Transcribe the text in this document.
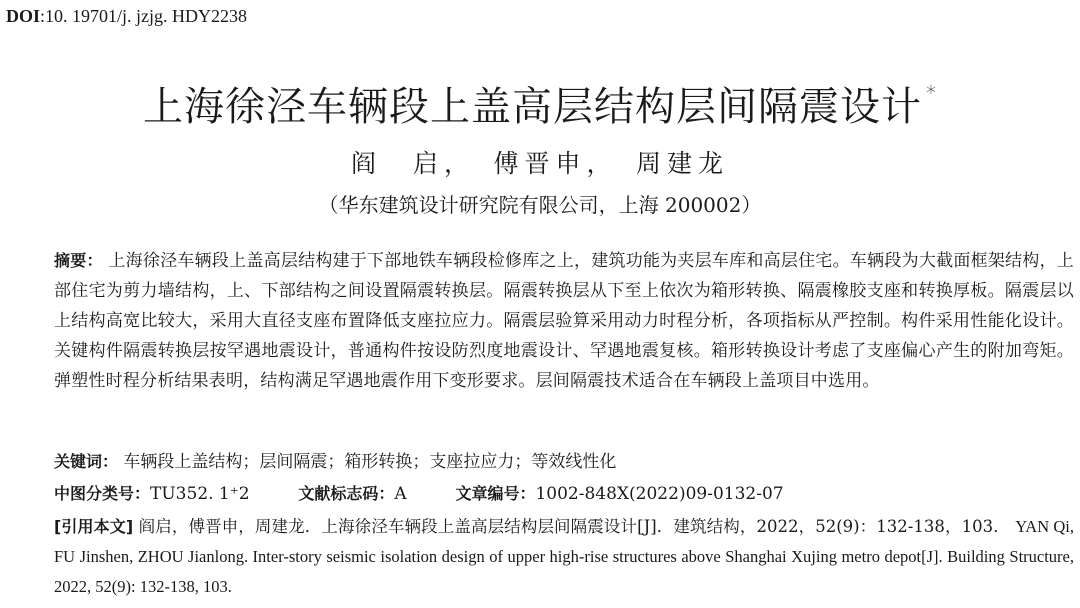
DOI:10. 19701/j. jzjg. HDY2238
上海徐泾车辆段上盖高层结构层间隔震设计 *
阎　启，　傅晋申，　周建龙
（华东建筑设计研究院有限公司，上海 200002）
摘要： 上海徐泾车辆段上盖高层结构建于下部地铁车辆段检修库之上，建筑功能为夹层车库和高层住宅。车辆段为大截面框架结构，上部住宅为剪力墙结构，上、下部结构之间设置隔震转换层。隔震转换层从下至上依次为箱形转换、隔震橡胶支座和转换厚板。隔震层以上结构高宽比较大，采用大直径支座布置降低支座拉应力。隔震层验算采用动力时程分析，各项指标从严控制。构件采用性能化设计。关键构件隔震转换层按罕遇地震设计，普通构件按设防烈度地震设计、罕遇地震复核。箱形转换设计考虑了支座偏心产生的附加弯矩。弹塑性时程分析结果表明，结构满足罕遇地震作用下变形要求。层间隔震技术适合在车辆段上盖项目中选用。
关键词： 车辆段上盖结构；层间隔震；箱形转换；支座拉应力；等效线性化
中图分类号：TU352. 1⁺2	文献标志码：A	文章编号：1002-848X(2022)09-0132-07
[引用本文] 阎启，傅晋申，周建龙．上海徐泾车辆段上盖高层结构层间隔震设计[J]．建筑结构，2022，52(9)：132-138，103． YAN Qi, FU Jinshen, ZHOU Jianlong. Inter-story seismic isolation design of upper high-rise structures above Shanghai Xujing metro depot[J]. Building Structure, 2022, 52(9): 132-138, 103.
